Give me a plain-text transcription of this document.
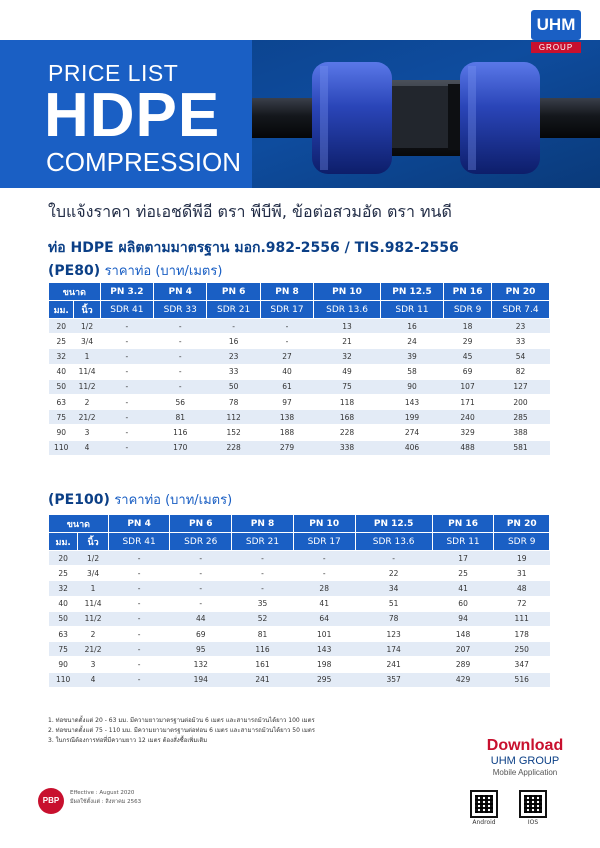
PRICE LIST
HDPE
COMPRESSION
UHM
GROUP
ใบแจ้งราคา ท่อเอชดีพีอี ตรา พีบีพี, ข้อต่อสวมอัด ตรา ทนดี
ท่อ HDPE ผลิตตามมาตรฐาน มอก.982-2556 / TIS.982-2556
(PE80) ราคาท่อ (บาท/เมตร)
ขนาด		PN 3.2	PN 4	PN 6	PN 8	PN 10	PN 12.5	PN 16	PN 20
มม.	นิ้ว	SDR 41	SDR 33	SDR 21	SDR 17	SDR 13.6	SDR 11	SDR 9	SDR 7.4
20	1/2	-	-	-	-	13	16	18	23
25	3/4	-	-	16	-	21	24	29	33
32	1	-	-	23	27	32	39	45	54
40	11/4	-	-	33	40	49	58	69	82
50	11/2	-	-	50	61	75	90	107	127
63	2	-	56	78	97	118	143	171	200
75	21/2	-	81	112	138	168	199	240	285
90	3	-	116	152	188	228	274	329	388
110	4	-	170	228	279	338	406	488	581
(PE100) ราคาท่อ (บาท/เมตร)
ขนาด		PN 4	PN 6	PN 8	PN 10	PN 12.5	PN 16	PN 20
มม.	นิ้ว	SDR 41	SDR 26	SDR 21	SDR 17	SDR 13.6	SDR 11	SDR 9
20	1/2	-	-	-	-	-	17	19
25	3/4	-	-	-	-	22	25	31
32	1	-	-	-	28	34	41	48
40	11/4	-	-	35	41	51	60	72
50	11/2	-	44	52	64	78	94	111
63	2	-	69	81	101	123	148	178
75	21/2	-	95	116	143	174	207	250
90	3	-	132	161	198	241	289	347
110	4	-	194	241	295	357	429	516
1. ท่อขนาดตั้งแต่ 20 - 63 มม. มีความยาวมาตรฐานต่อม้วน 6 เมตร และสามารถม้วนได้ยาว 100 เมตร
2. ท่อขนาดตั้งแต่ 75 - 110 มม. มีความยาวมาตรฐานต่อท่อน 6 เมตร และสามารถม้วนได้ยาว 50 เมตร
3. ในกรณีต้องการท่อที่มีความยาว 12 เมตร ต้องสั่งซื้อเพิ่มเติม
PBP
Effective : August 2020
มีผลใช้ตั้งแต่ : สิงหาคม 2563
Download
UHM GROUP
Mobile Application
Android	IOS
